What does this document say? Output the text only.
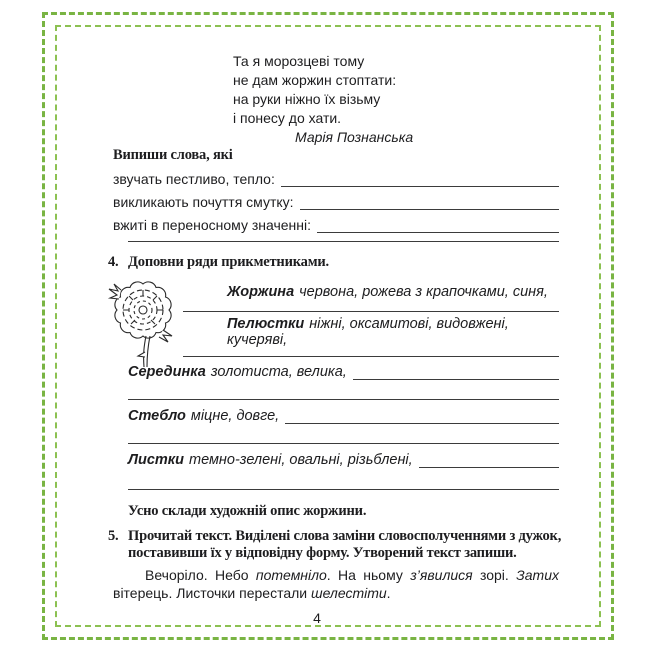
Та я морозцеві тому
не дам жоржин стоптати:
на руки ніжно їх візьму
і понесу до хати.
Марія Познанська
Випиши слова, які
звучать пестливо, тепло:
викликають почуття смутку:
вжиті в переносному значенні:
4. Доповни ряди прикметниками.
Жоржина червона, рожева з крапочками, синя,
Пелюстки ніжні, оксамитові, видовжені, кучеряві,
Серединка золотиста, велика,
Стебло міцне, довге,
Листки темно-зелені, овальні, різьблені,
Усно склади художній опис жоржини.
5. Прочитай текст. Виділені слова заміни словосполученнями з дужок,
поставивши їх у відповідну форму. Утворений текст запиши.
Вечоріло. Небо потемніло. На ньому з’явилися зорі. Затих вітерець. Листочки перестали шелестіти.
4
